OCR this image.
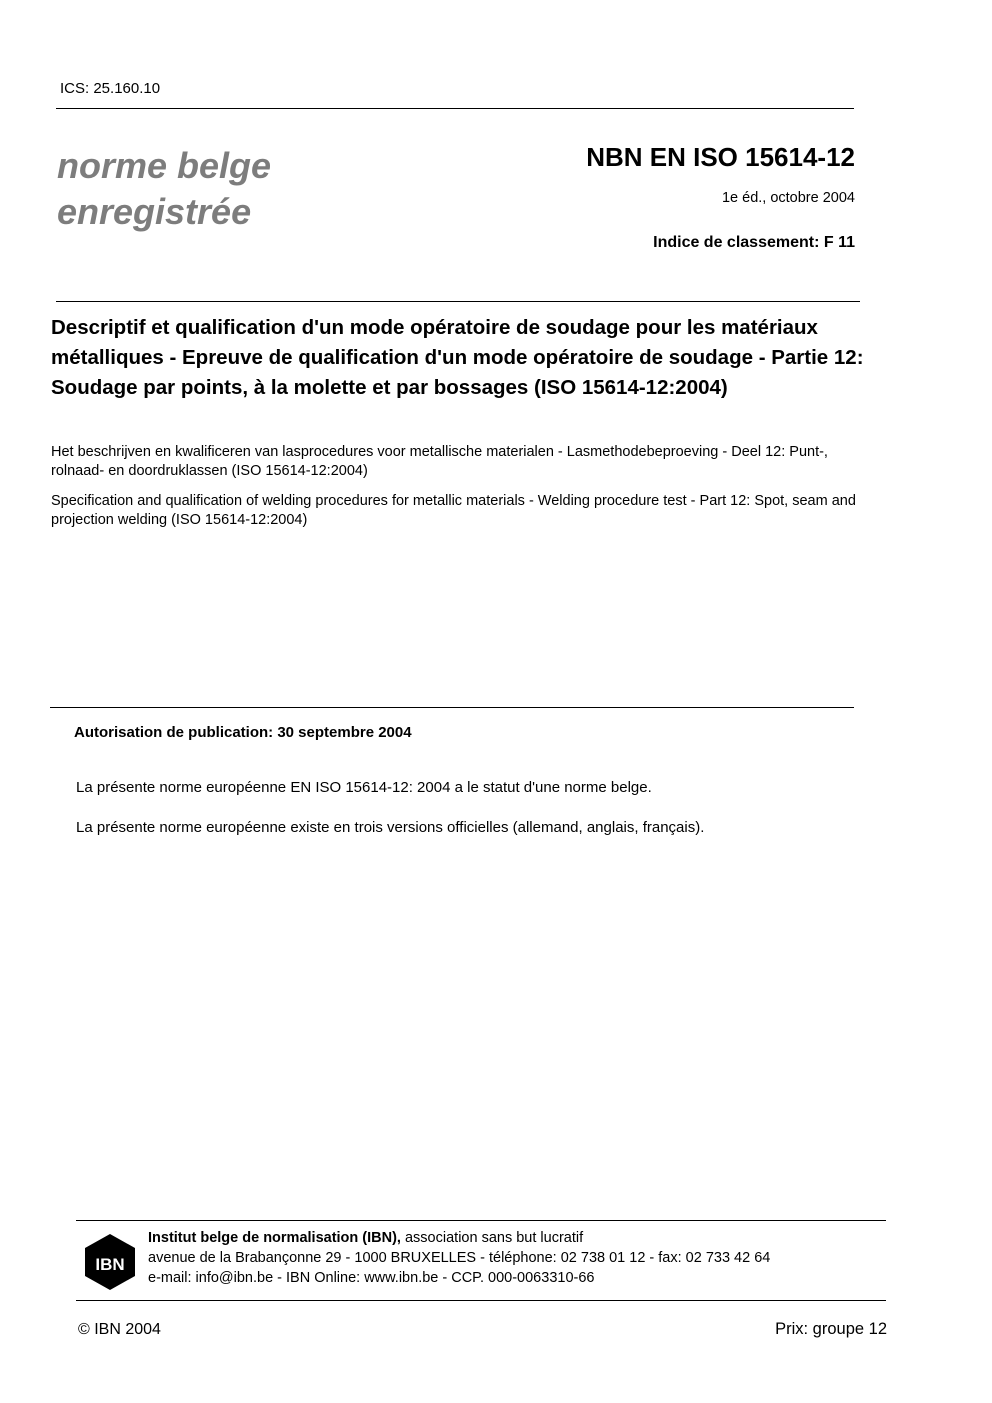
ICS: 25.160.10
norme belge
enregistrée
NBN EN ISO 15614-12
1e éd., octobre 2004
Indice de classement: F 11
Descriptif et qualification d'un mode opératoire de soudage pour les matériaux métalliques - Epreuve de qualification d'un mode opératoire de soudage - Partie 12: Soudage par points, à la molette et par bossages (ISO 15614-12:2004)
Het beschrijven en kwalificeren van lasprocedures voor metallische materialen - Lasmethodebeproeving - Deel 12: Punt-, rolnaad- en doordruklassen (ISO 15614-12:2004)
Specification and qualification of welding procedures for metallic materials - Welding procedure test - Part 12: Spot, seam and projection welding (ISO 15614-12:2004)
Autorisation de publication: 30 septembre 2004
La présente norme européenne EN ISO 15614-12: 2004 a le statut d'une norme belge.
La présente norme européenne existe en trois versions officielles (allemand, anglais, français).
IBN
Institut belge de normalisation (IBN), association sans but lucratif
avenue de la Brabançonne 29 - 1000 BRUXELLES - téléphone: 02 738 01 12 - fax: 02 733 42 64
e-mail: info@ibn.be - IBN Online: www.ibn.be - CCP. 000-0063310-66
© IBN 2004	Prix: groupe 12
